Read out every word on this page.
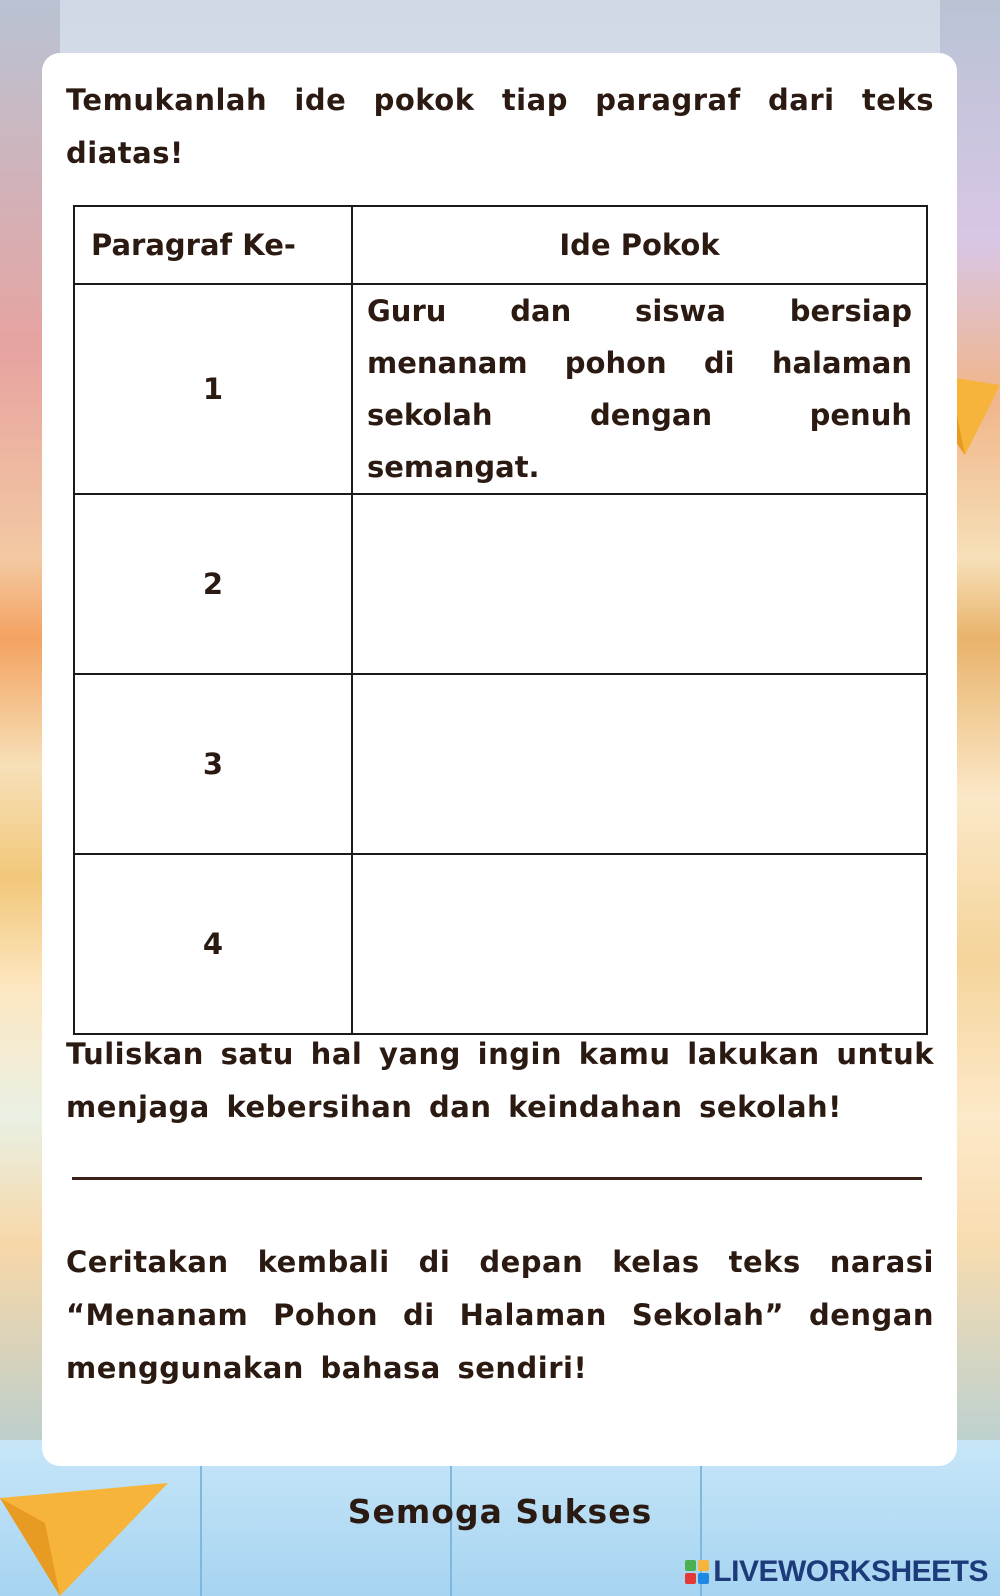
Temukanlah ide pokok tiap paragraf dari teks diatas!
Paragraf Ke-	Ide Pokok
1	Guru dan siswa bersiap menanam pohon di halaman sekolah dengan penuh semangat.
2	
3	
4	
Tuliskan satu hal yang ingin kamu lakukan untuk menjaga kebersihan dan keindahan sekolah!
Ceritakan kembali di depan kelas teks narasi “Menanam Pohon di Halaman Sekolah” dengan menggunakan bahasa sendiri!
Semoga Sukses
LIVEWORKSHEETS
